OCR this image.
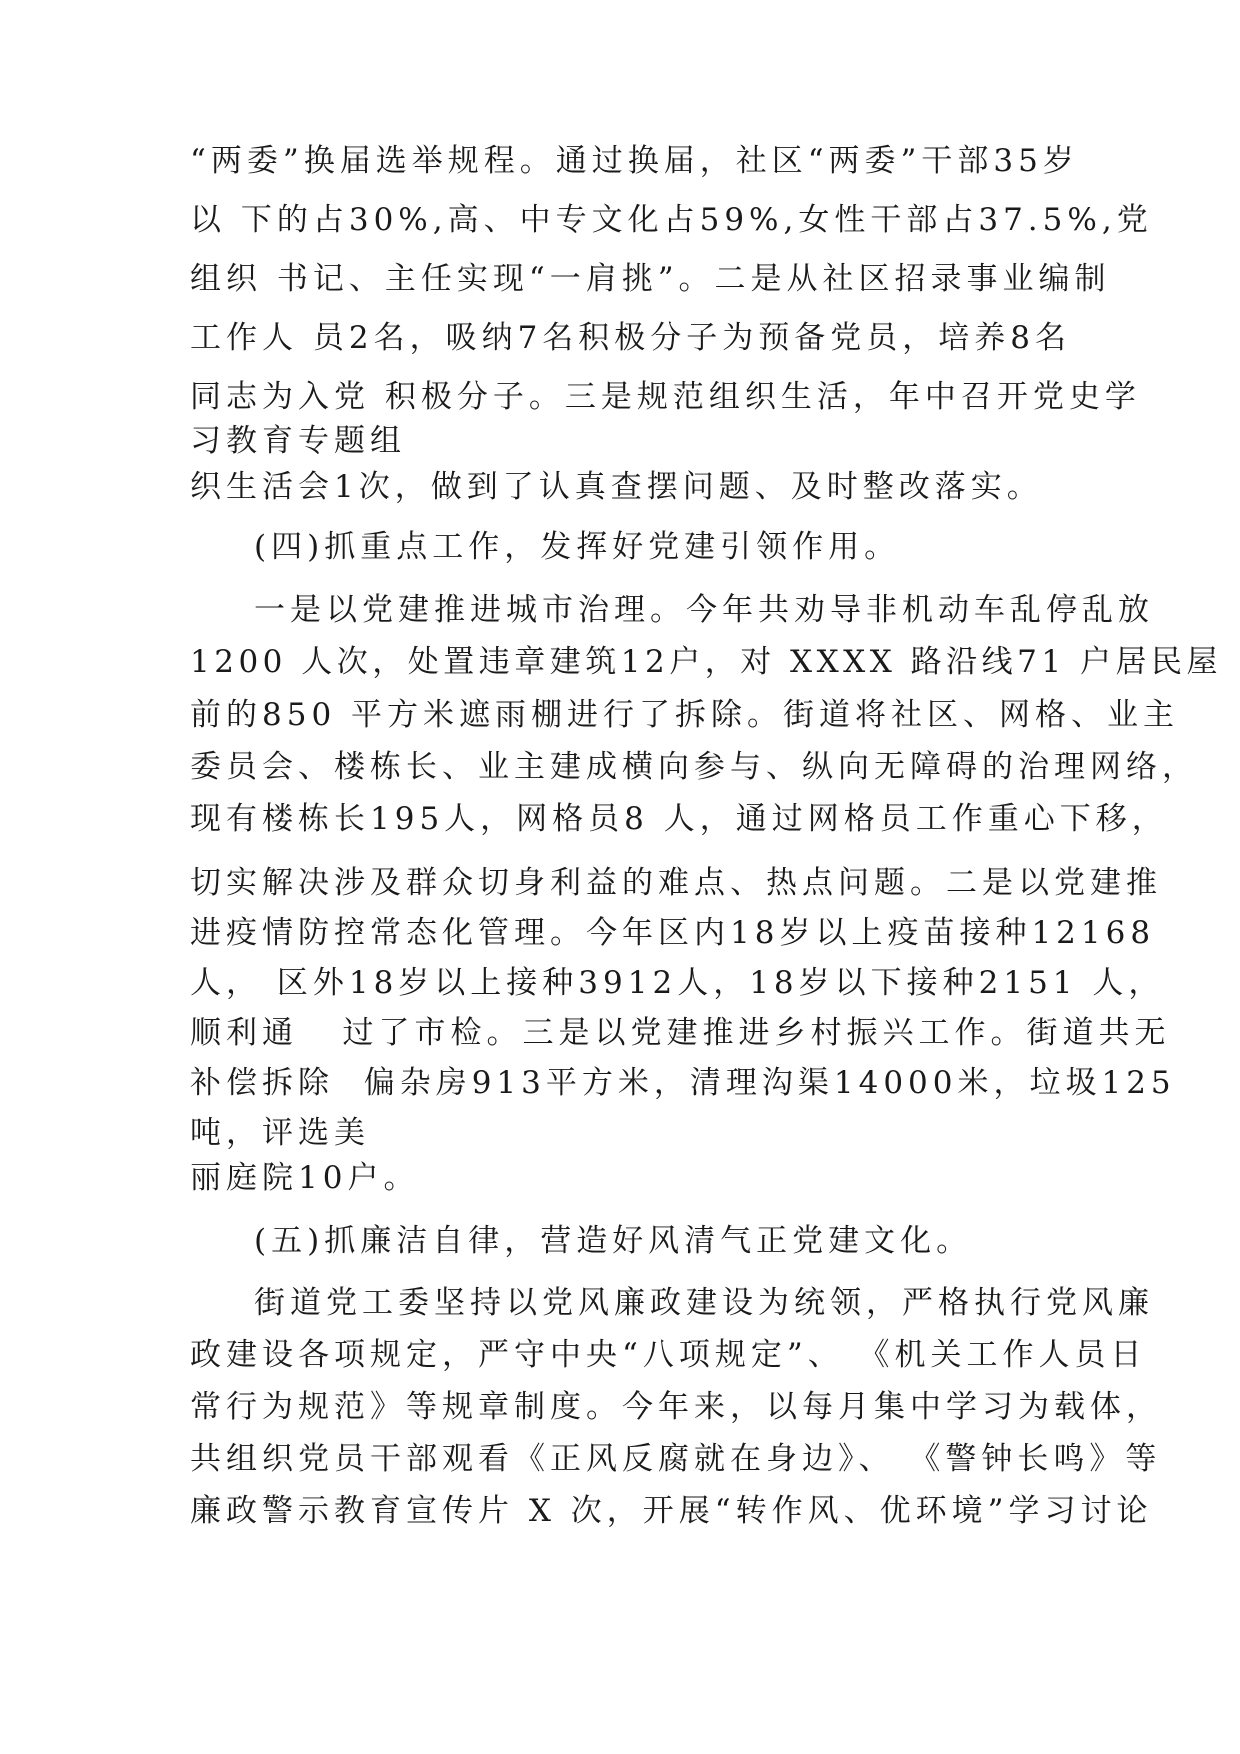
“两委”换届选举规程。通过换届，社区“两委”干部35岁
以 下的占30%,高、中专文化占59%,女性干部占37.5%,党
组织 书记、主任实现“一肩挑”。二是从社区招录事业编制
工作人 员2名，吸纳7名积极分子为预备党员，培养8名
同志为入党 积极分子。三是规范组织生活，年中召开党史学
习教育专题组
织生活会1次，做到了认真查摆问题、及时整改落实。
(四)抓重点工作，发挥好党建引领作用。
一是以党建推进城市治理。今年共劝导非机动车乱停乱放
1200 人次，处置违章建筑12户，对 XXXX 路沿线71 户居民屋
前的850 平方米遮雨棚进行了拆除。街道将社区、网格、业主
委员会、楼栋长、业主建成横向参与、纵向无障碍的治理网络，
现有楼栋长195人，网格员8 人，通过网格员工作重心下移，
切实解决涉及群众切身利益的难点、热点问题。二是以党建推
进疫情防控常态化管理。今年区内18岁以上疫苗接种12168
人， 区外18岁以上接种3912人，18岁以下接种2151 人，
顺利通   过了市检。三是以党建推进乡村振兴工作。街道共无
补偿拆除  偏杂房913平方米，清理沟渠14000米，垃圾125
吨，评选美
丽庭院10户。
(五)抓廉洁自律，营造好风清气正党建文化。
街道党工委坚持以党风廉政建设为统领，严格执行党风廉
政建设各项规定，严守中央“八项规定”、 《机关工作人员日
常行为规范》等规章制度。今年来，以每月集中学习为载体，
共组织党员干部观看《正风反腐就在身边》、 《警钟长鸣》等
廉政警示教育宣传片 X 次，开展“转作风、优环境”学习讨论
